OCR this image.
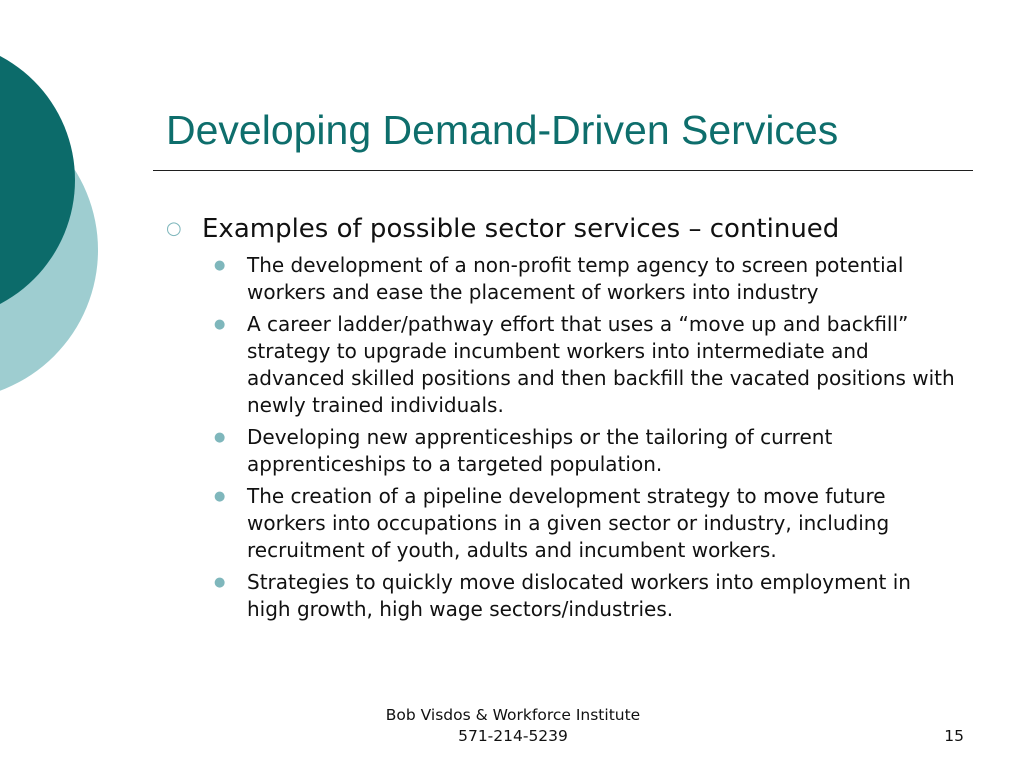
Developing Demand-Driven Services
○ Examples of possible sector services – continued
●	The development of a non-profit temp agency to screen potential workers and ease the placement of workers into industry
●	A career ladder/pathway effort that uses a “move up and backfill” strategy to upgrade incumbent workers into intermediate and advanced skilled positions and then backfill the vacated positions with newly trained individuals.
●	Developing new apprenticeships or the tailoring of current apprenticeships to a targeted population.
●	The creation of a pipeline development strategy to move future workers into occupations in a given sector or industry, including recruitment of youth, adults and incumbent workers.
●	Strategies to quickly move dislocated workers into employment in high growth, high wage sectors/industries.
Bob Visdos & Workforce Institute
571-214-5239	15
